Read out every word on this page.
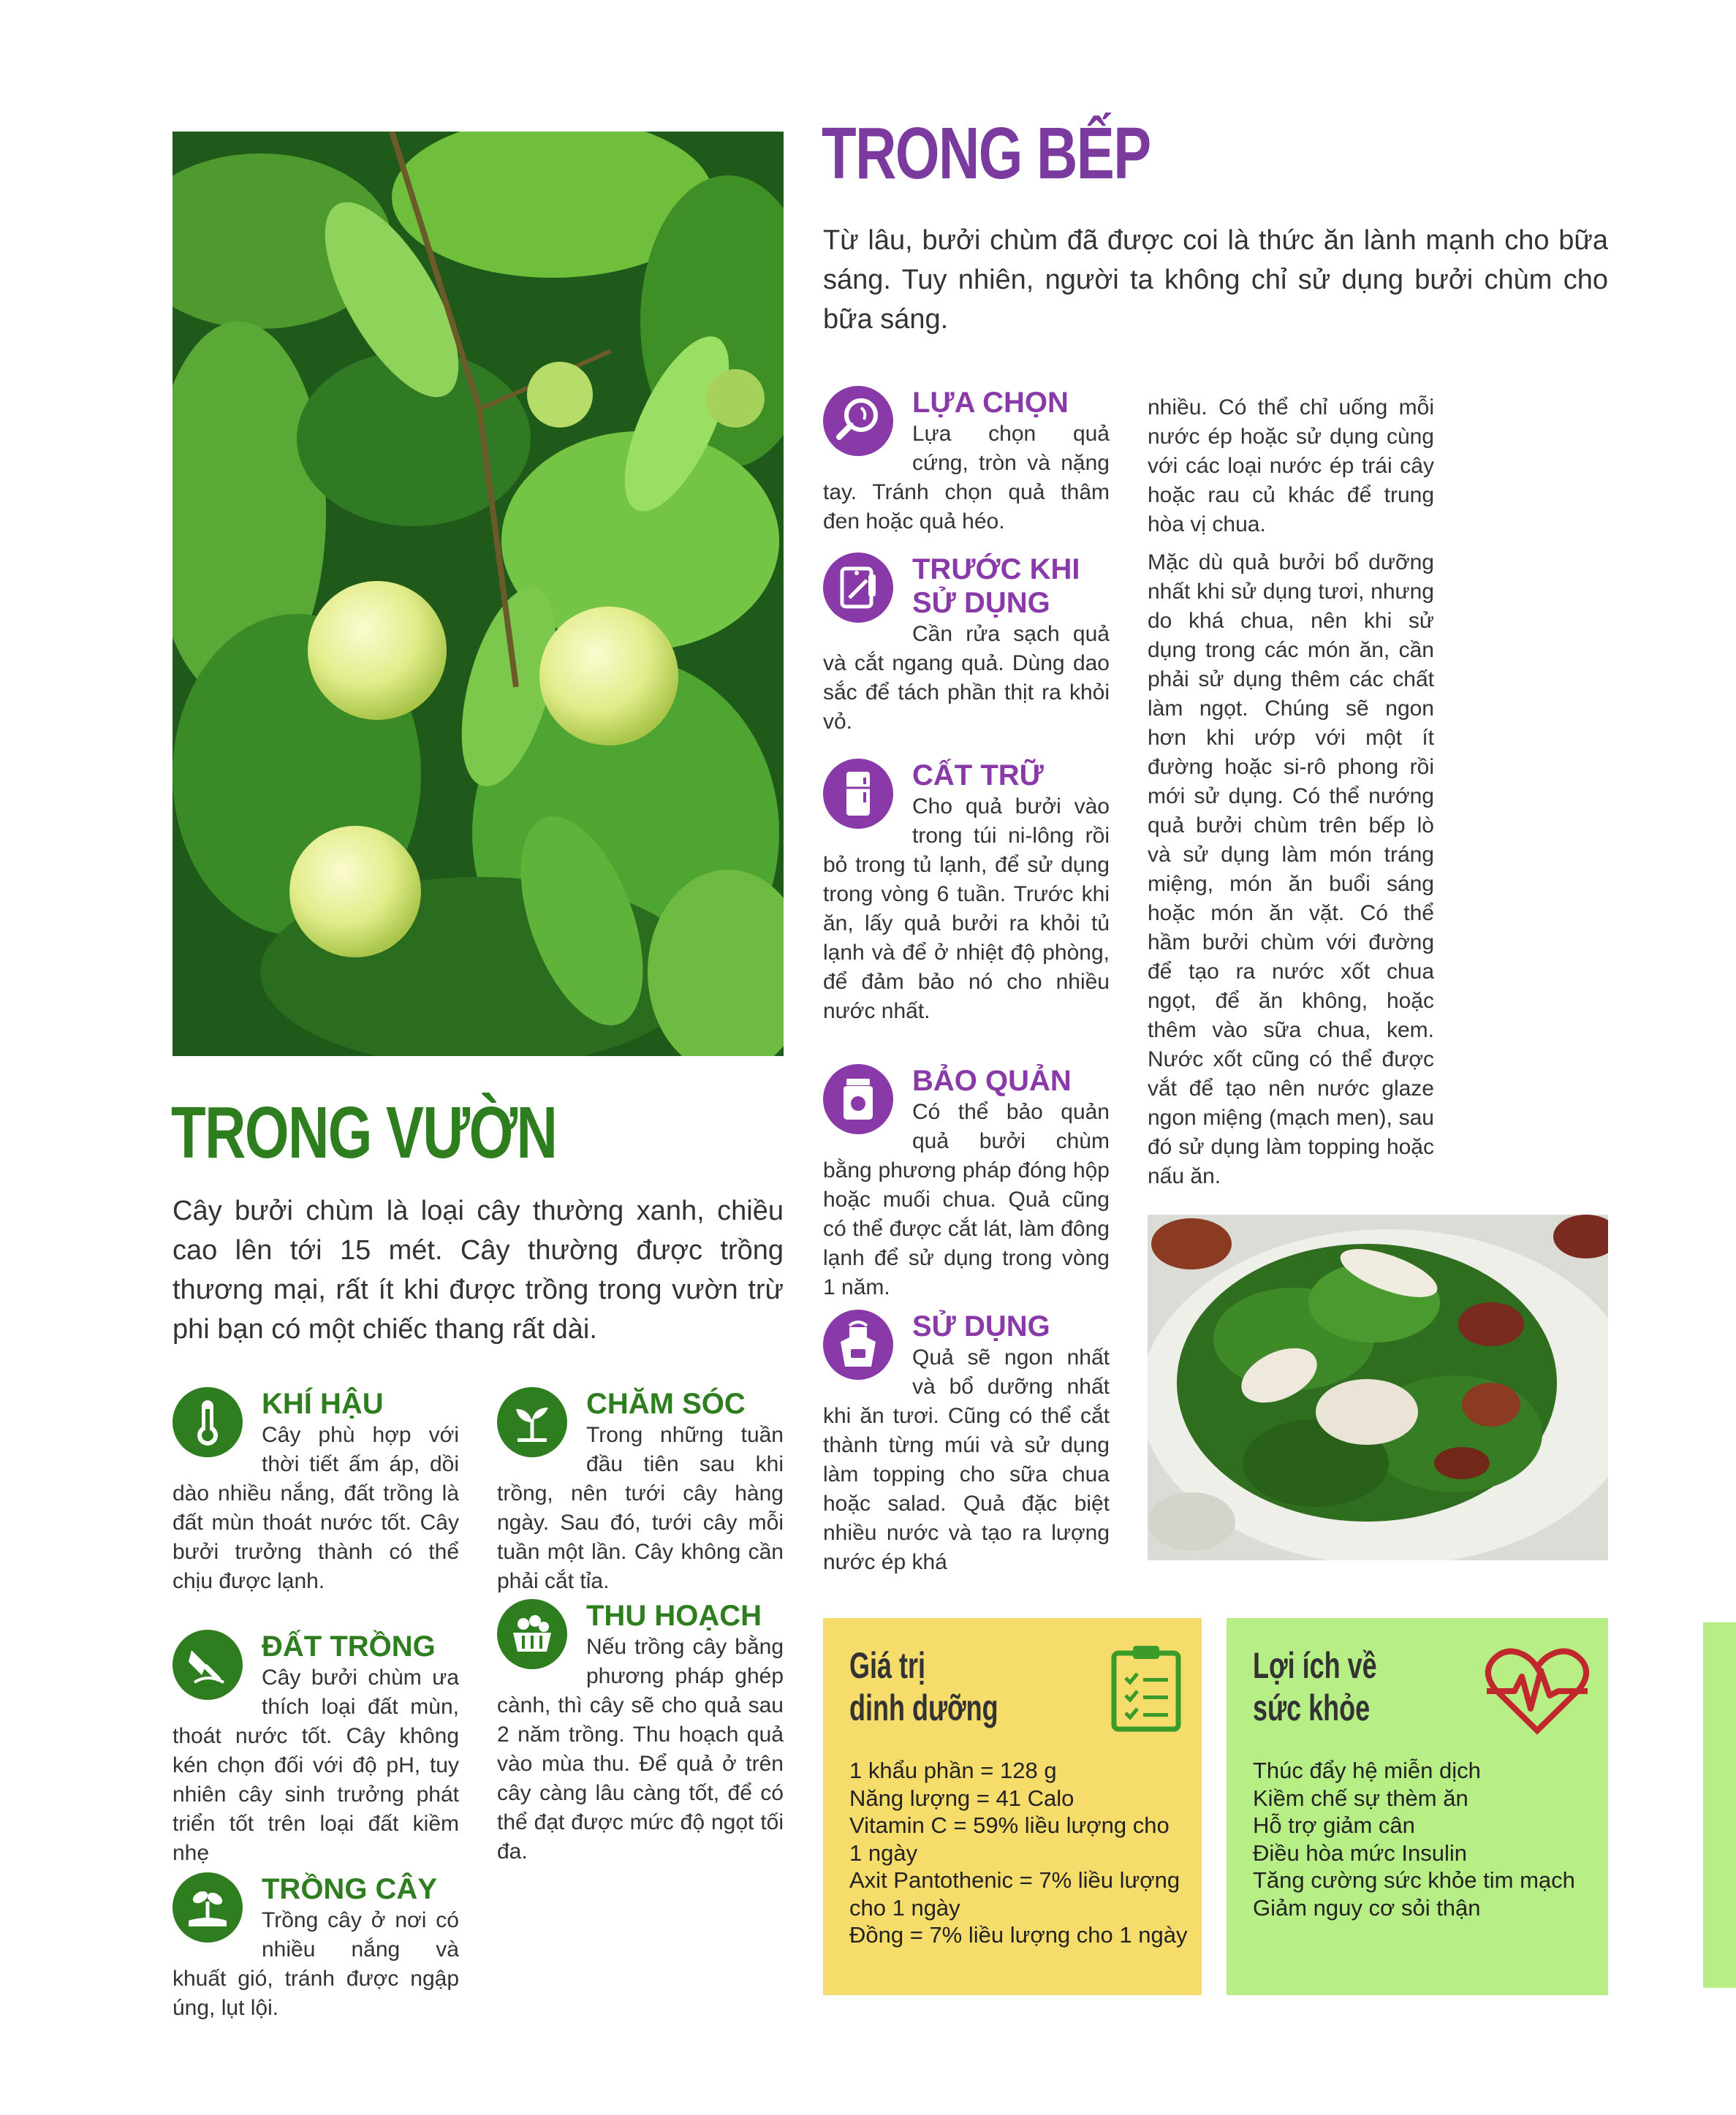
TRONG VƯỜN
Cây bưởi chùm là loại cây thường xanh, chiều cao lên tới 15 mét. Cây thường được trồng thương mại, rất ít khi được trồng trong vườn trừ phi bạn có một chiếc thang rất dài.
KHÍ HẬU
Cây phù hợp với thời tiết ấm áp, dồi dào nhiều nắng, đất trồng là đất mùn thoát nước tốt. Cây bưởi trưởng thành có thể chịu được lạnh.
ĐẤT TRỒNG
Cây bưởi chùm ưa thích loại đất mùn, thoát nước tốt. Cây không kén chọn đối với độ pH, tuy nhiên cây sinh trưởng phát triển tốt trên loại đất kiềm nhẹ
TRỒNG CÂY
Trồng cây ở nơi có nhiều nắng và khuất gió, tránh được ngập úng, lụt lội.
CHĂM SÓC
Trong những tuần đầu tiên sau khi trồng, nên tưới cây hàng ngày. Sau đó, tưới cây mỗi tuần một lần. Cây không cần phải cắt tỉa.
THU HOẠCH
Nếu trồng cây bằng phương pháp ghép cành, thì cây sẽ cho quả sau 2 năm trồng. Thu hoạch quả vào mùa thu. Để quả ở trên cây càng lâu càng tốt, để có thể đạt được mức độ ngọt tối đa.
TRONG BẾP
Từ lâu, bưởi chùm đã được coi là thức ăn lành mạnh cho bữa sáng. Tuy nhiên, người ta không chỉ sử dụng bưởi chùm cho bữa sáng.
LỰA CHỌN
Lựa chọn quả cứng, tròn và nặng tay. Tránh chọn quả thâm đen hoặc quả héo.
TRƯỚC KHI SỬ DỤNG
Cần rửa sạch quả và cắt ngang quả. Dùng dao sắc để tách phần thịt ra khỏi vỏ.
CẤT TRỮ
Cho quả bưởi vào trong túi ni-lông rồi bỏ trong tủ lạnh, để sử dụng trong vòng 6 tuần. Trước khi ăn, lấy quả bưởi ra khỏi tủ lạnh và để ở nhiệt độ phòng, để đảm bảo nó cho nhiều nước nhất.
BẢO QUẢN
Có thể bảo quản quả bưởi chùm bằng phương pháp đóng hộp hoặc muối chua. Quả cũng có thể được cắt lát, làm đông lạnh để sử dụng trong vòng 1 năm.
SỬ DỤNG
Quả sẽ ngon nhất và bổ dưỡng nhất khi ăn tươi. Cũng có thể cắt thành từng múi và sử dụng làm topping cho sữa chua hoặc salad. Quả đặc biệt nhiều nước và tạo ra lượng nước ép khá
nhiều. Có thể chỉ uống mỗi nước ép hoặc sử dụng cùng với các loại nước ép trái cây hoặc rau củ khác để trung hòa vị chua.
Mặc dù quả bưởi bổ dưỡng nhất khi sử dụng tươi, nhưng do khá chua, nên khi sử dụng trong các món ăn, cần phải sử dụng thêm các chất làm ngọt. Chúng sẽ ngon hơn khi ướp với một ít đường hoặc si-rô phong rồi mới sử dụng. Có thể nướng quả bưởi chùm trên bếp lò và sử dụng làm món tráng miệng, món ăn buổi sáng hoặc món ăn vặt. Có thể hầm bưởi chùm với đường để tạo ra nước xốt chua ngọt, để ăn không, hoặc thêm vào sữa chua, kem. Nước xốt cũng có thể được vắt để tạo nên nước glaze ngon miệng (mạch men), sau đó sử dụng làm topping hoặc nấu ăn.
Giá trị
dinh dưỡng
1 khẩu phần = 128 g
Năng lượng = 41 Calo
Vitamin C = 59% liều lượng cho
1 ngày
Axit Pantothenic = 7% liều lượng
cho 1 ngày
Đồng = 7% liều lượng cho 1 ngày
Lợi ích về
sức khỏe
Thúc đẩy hệ miễn dịch
Kiềm chế sự thèm ăn
Hỗ trợ giảm cân
Điều hòa mức Insulin
Tăng cường sức khỏe tim mạch
Giảm nguy cơ sỏi thận
